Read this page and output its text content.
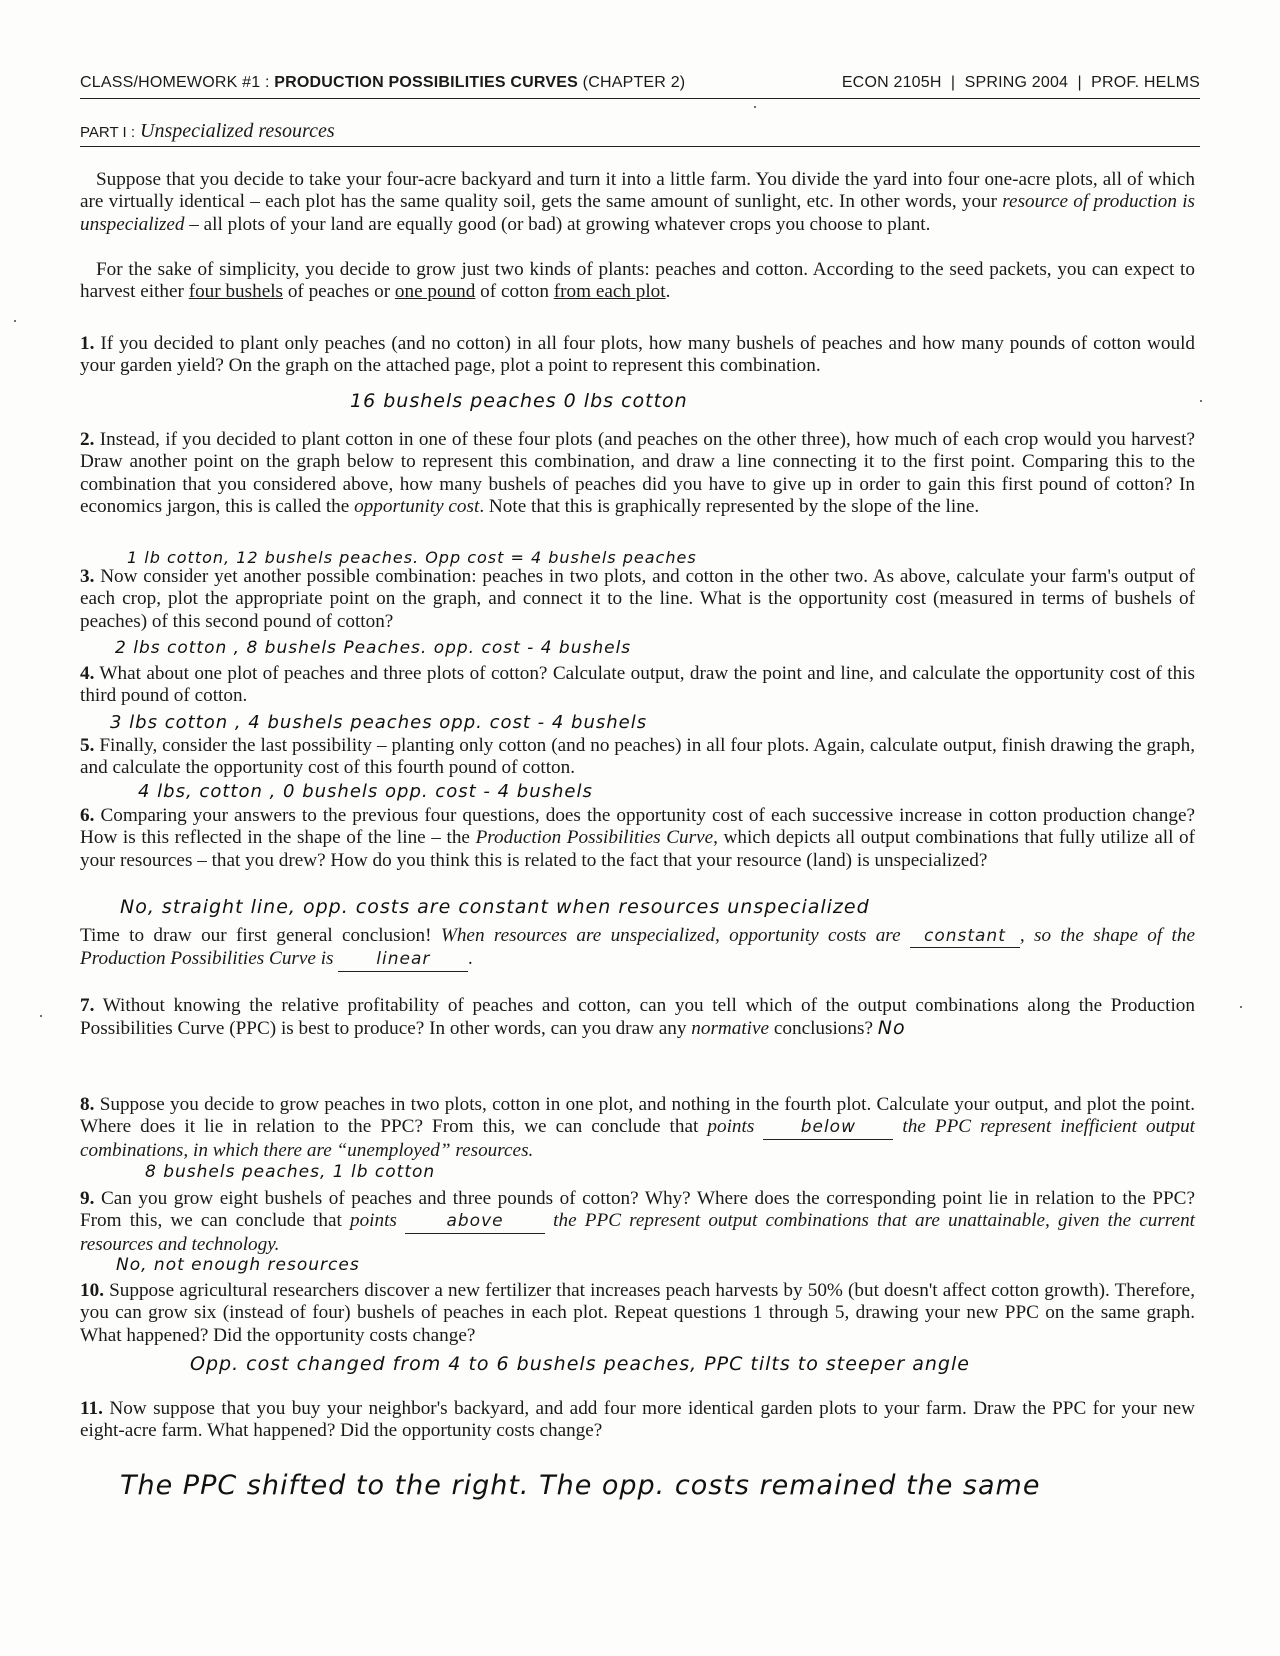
CLASS/HOMEWORK #1 : PRODUCTION POSSIBILITIES CURVES (CHAPTER 2)	ECON 2105H  |  SPRING 2004  |  PROF. HELMS
PART I : Unspecialized resources

Suppose that you decide to take your four-acre backyard and turn it into a little farm. You divide the yard into four one-acre plots, all of which are virtually identical – each plot has the same quality soil, gets the same amount of sunlight, etc. In other words, your resource of production is unspecialized – all plots of your land are equally good (or bad) at growing whatever crops you choose to plant.

For the sake of simplicity, you decide to grow just two kinds of plants: peaches and cotton. According to the seed packets, you can expect to harvest either four bushels of peaches or one pound of cotton from each plot.

1. If you decided to plant only peaches (and no cotton) in all four plots, how many bushels of peaches and how many pounds of cotton would your garden yield? On the graph on the attached page, plot a point to represent this combination.

16 bushels peaches 0 lbs cotton

2. Instead, if you decided to plant cotton in one of these four plots (and peaches on the other three), how much of each crop would you harvest? Draw another point on the graph below to represent this combination, and draw a line connecting it to the first point. Comparing this to the combination that you considered above, how many bushels of peaches did you have to give up in order to gain this first pound of cotton? In economics jargon, this is called the opportunity cost. Note that this is graphically represented by the slope of the line.

1 lb cotton, 12 bushels peaches. Opp cost = 4 bushels peaches

3. Now consider yet another possible combination: peaches in two plots, and cotton in the other two. As above, calculate your farm's output of each crop, plot the appropriate point on the graph, and connect it to the line. What is the opportunity cost (measured in terms of bushels of peaches) of this second pound of cotton?

2 lbs cotton , 8 bushels Peaches. opp. cost - 4 bushels

4. What about one plot of peaches and three plots of cotton? Calculate output, draw the point and line, and calculate the opportunity cost of this third pound of cotton.

3 lbs cotton , 4 bushels peaches opp. cost - 4 bushels

5. Finally, consider the last possibility – planting only cotton (and no peaches) in all four plots. Again, calculate output, finish drawing the graph, and calculate the opportunity cost of this fourth pound of cotton.

4 lbs, cotton , 0 bushels opp. cost - 4 bushels

6. Comparing your answers to the previous four questions, does the opportunity cost of each successive increase in cotton production change? How is this reflected in the shape of the line – the Production Possibilities Curve, which depicts all output combinations that fully utilize all of your resources – that you drew? How do you think this is related to the fact that your resource (land) is unspecialized?

No, straight line, opp. costs are constant when resources unspecialized

Time to draw our first general conclusion! When resources are unspecialized, opportunity costs are constant , so the shape of the Production Possibilities Curve is linear .

7. Without knowing the relative profitability of peaches and cotton, can you tell which of the output combinations along the Production Possibilities Curve (PPC) is best to produce? In other words, can you draw any normative conclusions? No

8. Suppose you decide to grow peaches in two plots, cotton in one plot, and nothing in the fourth plot. Calculate your output, and plot the point. Where does it lie in relation to the PPC? From this, we can conclude that points	below the PPC represent inefficient output combinations, in which there are “unemployed” resources.

8 bushels peaches, 1 lb cotton

9. Can you grow eight bushels of peaches and three pounds of cotton? Why? Where does the corresponding point lie in relation to the PPC? From this, we can conclude that points	above	the PPC represent output combinations that are unattainable, given the current resources and technology.

No, not enough resources

10. Suppose agricultural researchers discover a new fertilizer that increases peach harvests by 50% (but doesn't affect cotton growth). Therefore, you can grow six (instead of four) bushels of peaches in each plot. Repeat questions 1 through 5, drawing your new PPC on the same graph. What happened? Did the opportunity costs change?

Opp. cost changed from 4 to 6 bushels peaches, PPC tilts to steeper angle

11. Now suppose that you buy your neighbor's backyard, and add four more identical garden plots to your farm. Draw the PPC for your new eight-acre farm. What happened? Did the opportunity costs change?

The PPC shifted to the right. The opp. costs remained the same
